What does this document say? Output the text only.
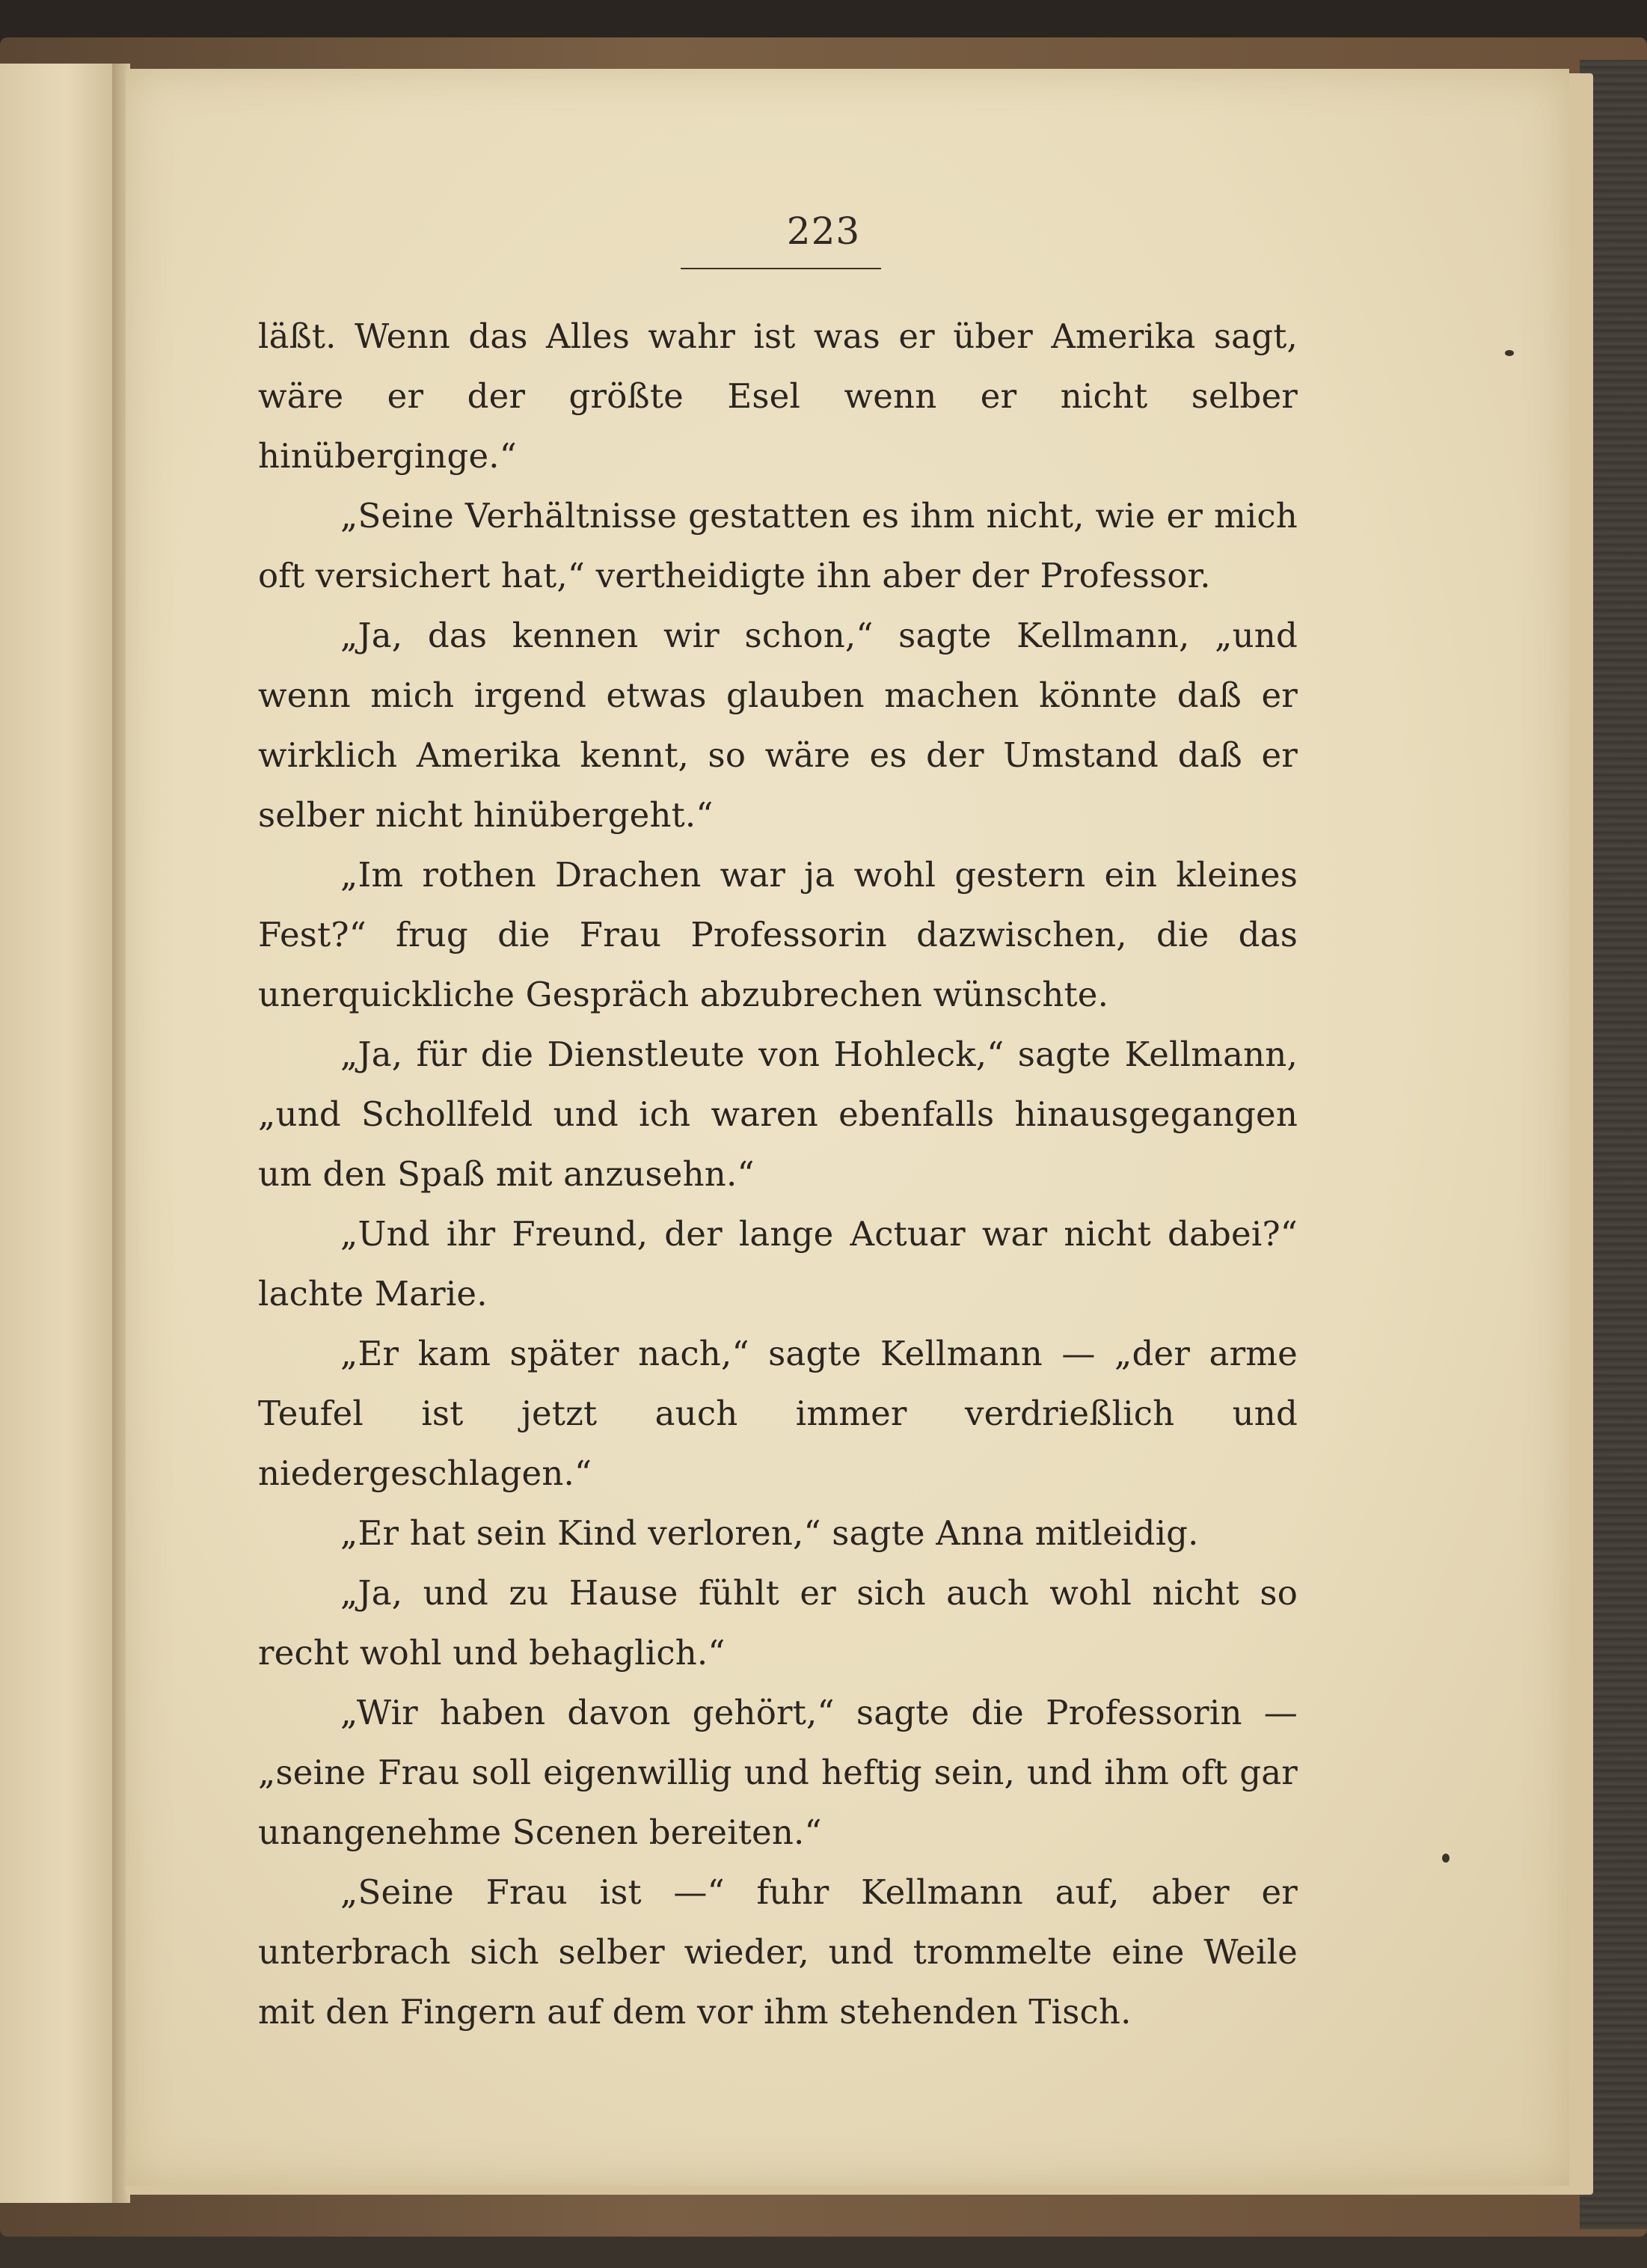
223

läßt. Wenn das Alles wahr ist was er über Amerika sagt, wäre er der größte Esel wenn er nicht selber hinüberginge.“

„Seine Verhältnisse gestatten es ihm nicht, wie er mich oft versichert hat,“ vertheidigte ihn aber der Professor.

„Ja, das kennen wir schon,“ sagte Kellmann, „und wenn mich irgend etwas glauben machen könnte daß er wirklich Amerika kennt, so wäre es der Umstand daß er selber nicht hinübergeht.“

„Im rothen Drachen war ja wohl gestern ein kleines Fest?“ frug die Frau Professorin dazwischen, die das unerquickliche Gespräch abzubrechen wünschte.

„Ja, für die Dienstleute von Hohleck,“ sagte Kellmann, „und Schollfeld und ich waren ebenfalls hinausgegangen um den Spaß mit anzusehn.“

„Und ihr Freund, der lange Actuar war nicht dabei?“ lachte Marie.

„Er kam später nach,“ sagte Kellmann — „der arme Teufel ist jetzt auch immer verdrießlich und niedergeschlagen.“

„Er hat sein Kind verloren,“ sagte Anna mitleidig.

„Ja, und zu Hause fühlt er sich auch wohl nicht so recht wohl und behaglich.“

„Wir haben davon gehört,“ sagte die Professorin — „seine Frau soll eigenwillig und heftig sein, und ihm oft gar unangenehme Scenen bereiten.“

„Seine Frau ist —“ fuhr Kellmann auf, aber er unterbrach sich selber wieder, und trommelte eine Weile mit den Fingern auf dem vor ihm stehenden Tisch.
